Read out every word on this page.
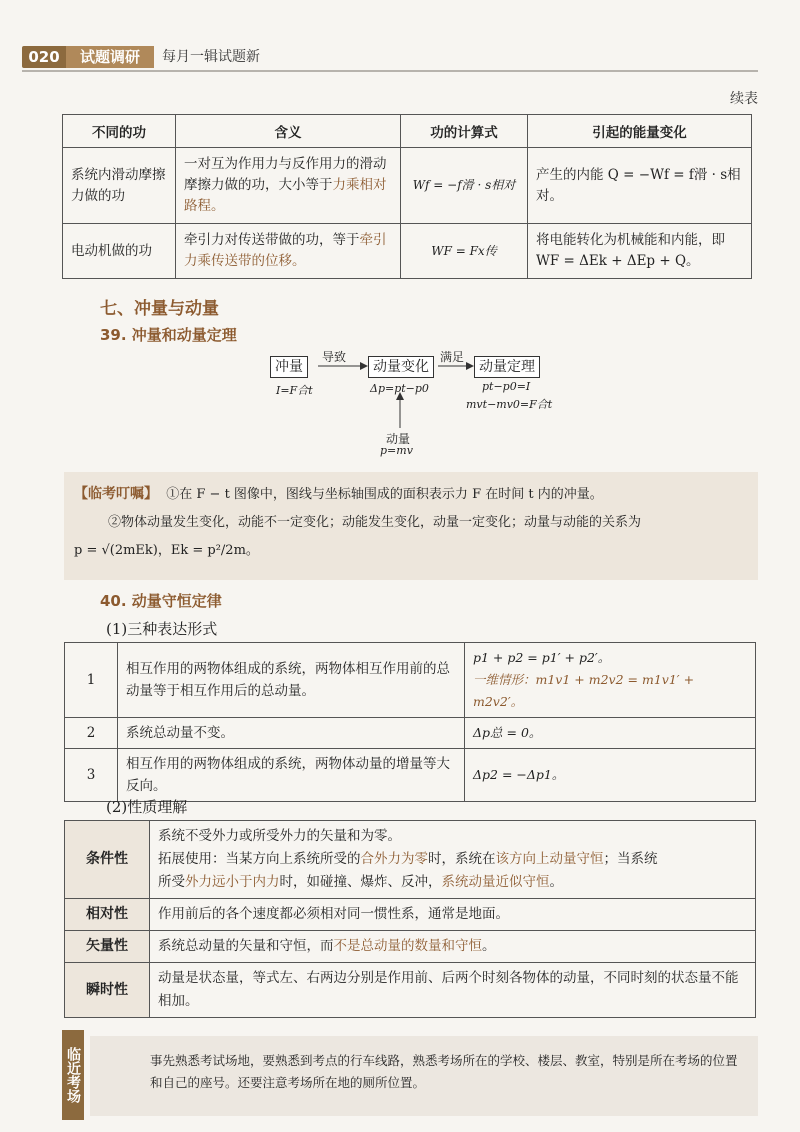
020	试题调研	每月一辑试题新
续表
不同的功	含义	功的计算式	引起的能量变化
系统内滑动摩擦力做的功	一对互为作用力与反作用力的滑动摩擦力做的功，大小等于力乘相对路程。	Wf = −f滑 · s相对	产生的内能 Q = −Wf = f滑 · s相对。
电动机做的功	牵引力对传送带做的功，等于牵引力乘传送带的位移。	WF = Fx传	将电能转化为机械能和内能，即 WF = ΔEk + ΔEp + Q。
七、冲量与动量
39. 冲量和动量定理
冲量
I=F合t
导致
动量变化
Δp=pt−p0
满足
动量定理
pt−p0=I
mvt−mv0=F合t
动量
p=mv

【临考叮嘱】 ①在 F − t 图像中，图线与坐标轴围成的面积表示力 F 在时间 t 内的冲量。

②物体动量发生变化，动能不一定变化；动能发生变化，动量一定变化；动量与动能的关系为

p = √(2mEk)，Ek = p²/2m。

40. 动量守恒定律
(1)三种表达形式
1	相互作用的两物体组成的系统，两物体相互作用前的总动量等于相互作用后的总动量。	p1 + p2 = p1′ + p2′。
一维情形：m1v1 + m2v2 = m1v1′ + m2v2′。

2	系统总动量不变。	Δp总 = 0。
3	相互作用的两物体组成的系统，两物体动量的增量等大反向。	Δp2 = −Δp1。
(2)性质理解
条件性	系统不受外力或所受外力的矢量和为零。
拓展使用：当某方向上系统所受的合外力为零时，系统在该方向上动量守恒；当系统
所受外力远小于内力时，如碰撞、爆炸、反冲，系统动量近似守恒。

相对性	作用前后的各个速度都必须相对同一惯性系，通常是地面。
矢量性	系统总动量的矢量和守恒，而不是总动量的数量和守恒。
瞬时性	动量是状态量，等式左、右两边分别是作用前、后两个时刻各物体的动量，不同时刻的状态量不能相加。
临近考场	事先熟悉考试场地，要熟悉到考点的行车线路，熟悉考场所在的学校、楼层、教室，特别是所在考场的位置和自己的座号。还要注意考场所在地的厕所位置。
